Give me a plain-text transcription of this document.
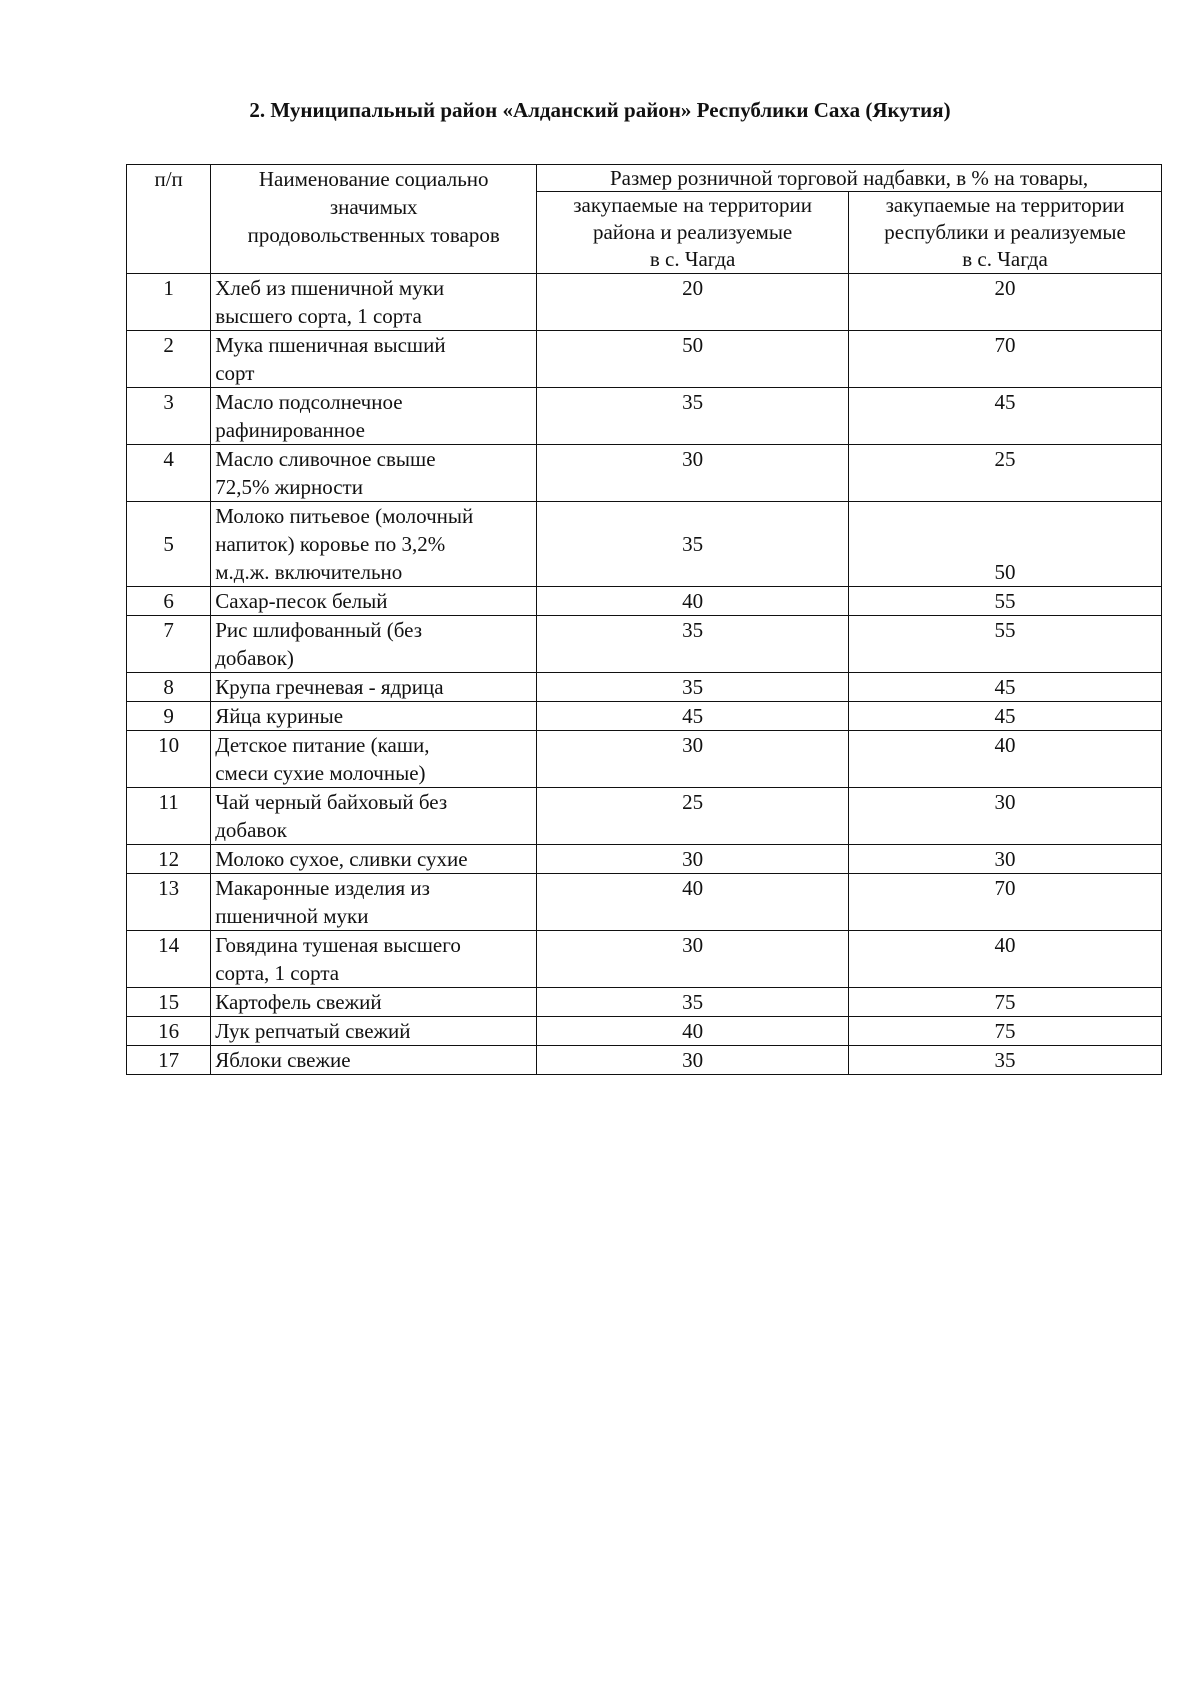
2. Муниципальный район «Алданский район» Республики Саха (Якутия)
п/п	Наименование социально
значимых
продовольственных товаров	Размер розничной торговой надбавки, в % на товары,	
		закупаемые на территории
района и реализуемые
в с. Чагда	закупаемые на территории
республики и реализуемые
в с. Чагда
1	Хлеб из пшеничной муки
высшего сорта, 1 сорта	20	20
2	Мука пшеничная высший
сорт	50	70
3	Масло подсолнечное
рафинированное	35	45
4	Масло сливочное свыше
72,5% жирности	30	25
5	Молоко питьевое (молочный
напиток) коровье по 3,2%
м.д.ж. включительно	35	50
6	Сахар-песок белый	40	55
7	Рис шлифованный (без
добавок)	35	55
8	Крупа гречневая - ядрица	35	45
9	Яйца куриные	45	45
10	Детское питание (каши,
смеси сухие молочные)	30	40
11	Чай черный байховый без
добавок	25	30
12	Молоко сухое, сливки сухие	30	30
13	Макаронные изделия из
пшеничной муки	40	70
14	Говядина тушеная высшего
сорта, 1 сорта	30	40
15	Картофель свежий	35	75
16	Лук репчатый свежий	40	75
17	Яблоки свежие	30	35
